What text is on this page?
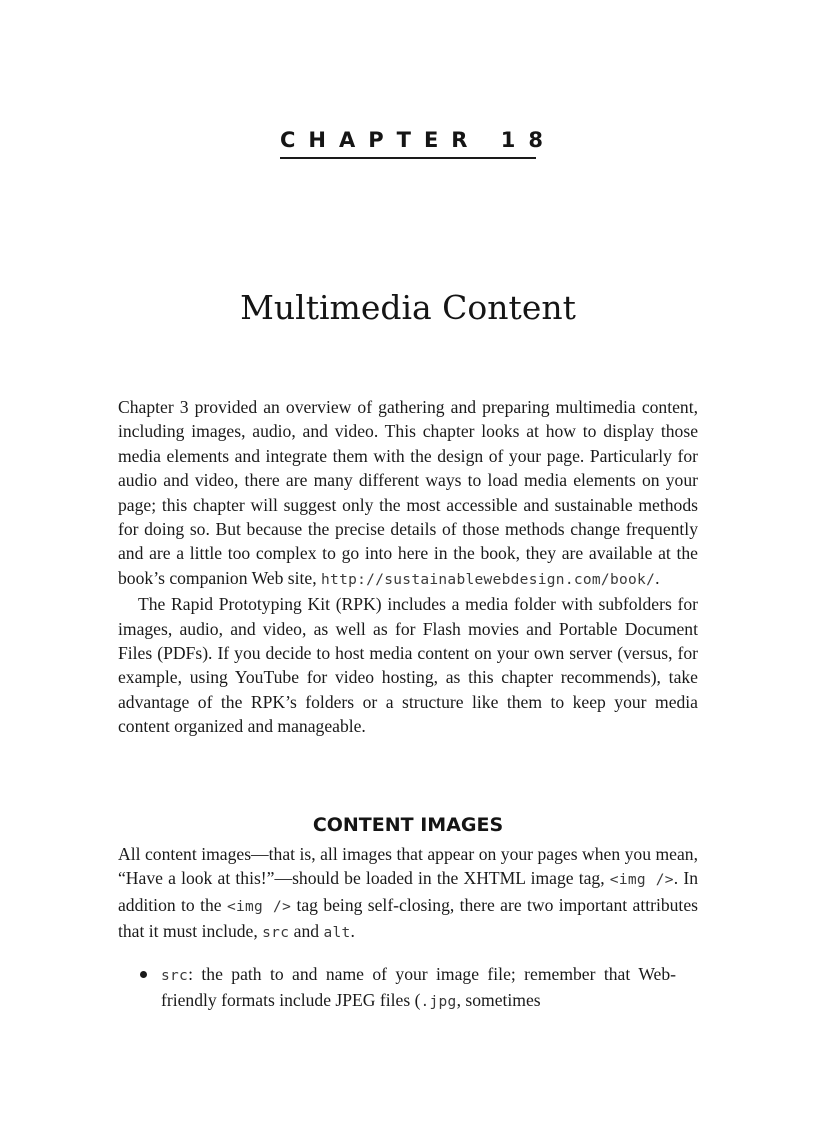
CHAPTER 18
Multimedia Content

Chapter 3 provided an overview of gathering and preparing multimedia content, including images, audio, and video. This chapter looks at how to display those media elements and integrate them with the design of your page. Particularly for audio and video, there are many different ways to load media elements on your page; this chapter will suggest only the most accessible and sustainable methods for doing so. But because the precise details of those methods change frequently and are a little too complex to go into here in the book, they are available at the book’s companion Web site, http://sustainablewebdesign.com/book/.

The Rapid Prototyping Kit (RPK) includes a media folder with subfolders for images, audio, and video, as well as for Flash movies and Portable Document Files (PDFs). If you decide to host media content on your own server (versus, for example, using YouTube for video hosting, as this chapter recommends), take advantage of the RPK’s folders or a structure like them to keep your media content organized and manageable.

CONTENT IMAGES

All content images—that is, all images that appear on your pages when you mean, “Have a look at this!”—should be loaded in the XHTML image tag, <img />. In addition to the <img /> tag being self-closing, there are two important attributes that it must include, src and alt.

src: the path to and name of your image file; remember that Web-friendly formats include JPEG files (.jpg, sometimes
